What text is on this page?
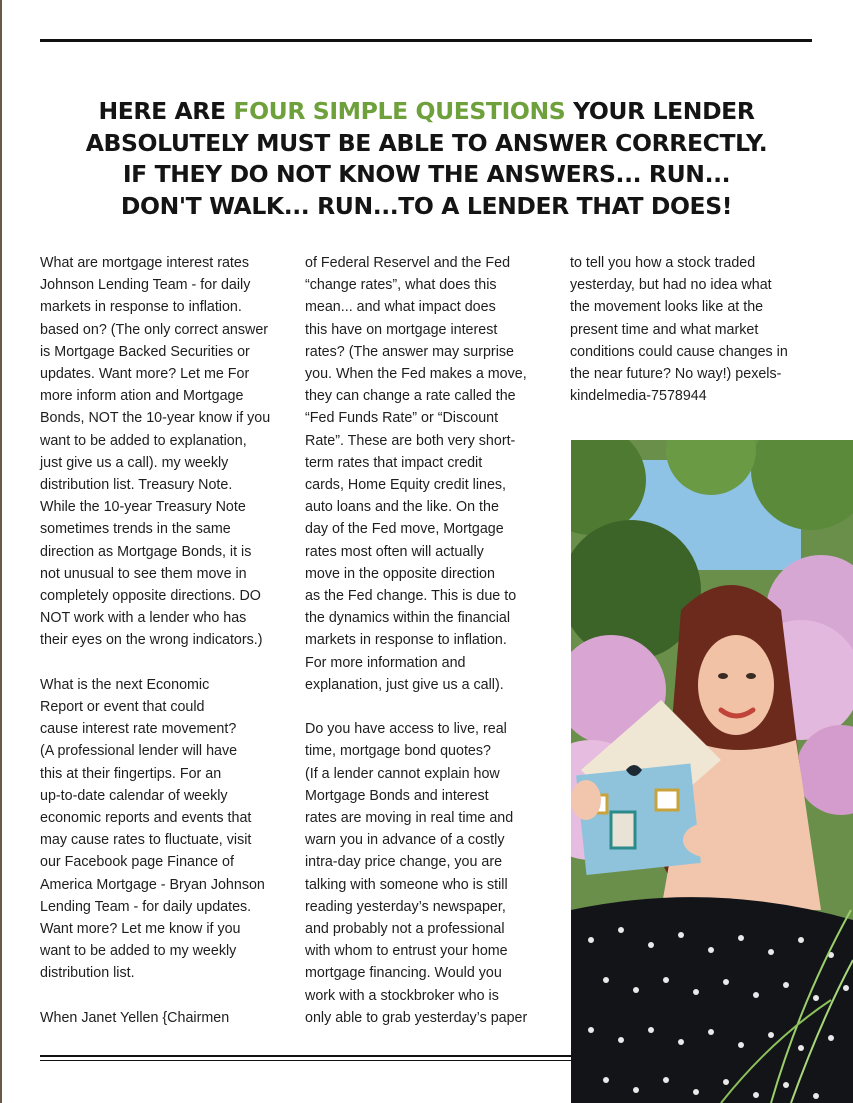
HERE ARE FOUR SIMPLE QUESTIONS YOUR LENDER
ABSOLUTELY MUST BE ABLE TO ANSWER CORRECTLY.
IF THEY DO NOT KNOW THE ANSWERS... RUN...
DON'T WALK... RUN...TO A LENDER THAT DOES!

What are mortgage interest rates
Johnson Lending Team - for daily
markets in response to inflation.
based on? (The only correct answer
is Mortgage Backed Securities or
updates. Want more? Let me For
more inform ation and Mortgage
Bonds, NOT the 10-year know if you
want to be added to explanation,
just give us a call). my weekly
distribution list. Treasury Note.
While the 10-year Treasury Note
sometimes trends in the same
direction as Mortgage Bonds, it is
not unusual to see them move in
completely opposite directions. DO
NOT work with a lender who has
their eyes on the wrong indicators.)

What is the next Economic
Report or event that could
cause interest rate movement?
(A professional lender will have
this at their fingertips. For an
up-to-date calendar of weekly
economic reports and events that
may cause rates to fluctuate, visit
our Facebook page Finance of
America Mortgage - Bryan Johnson
Lending Team - for daily updates.
Want more? Let me know if you
want to be added to my weekly
distribution list.

When Janet Yellen {Chairmen

of Federal Reservel and the Fed
“change rates”, what does this
mean... and what impact does
this have on mortgage interest
rates? (The answer may surprise
you. When the Fed makes a move,
they can change a rate called the
“Fed Funds Rate” or “Discount
Rate”. These are both very short-
term rates that impact credit
cards, Home Equity credit lines,
auto loans and the like. On the
day of the Fed move, Mortgage
rates most often will actually
move in the opposite direction
as the Fed change. This is due to
the dynamics within the financial
markets in response to inflation.
For more information and
explanation, just give us a call).

Do you have access to live, real
time, mortgage bond quotes?
(If a lender cannot explain how
Mortgage Bonds and interest
rates are moving in real time and
warn you in advance of a costly
intra-day price change, you are
talking with someone who is still
reading yesterday’s newspaper,
and probably not a professional
with whom to entrust your home
mortgage financing. Would you
work with a stockbroker who is
only able to grab yesterday’s paper

to tell you how a stock traded
yesterday, but had no idea what
the movement looks like at the
present time and what market
conditions could cause changes in
the near future? No way!) pexels-
kindelmedia-7578944
